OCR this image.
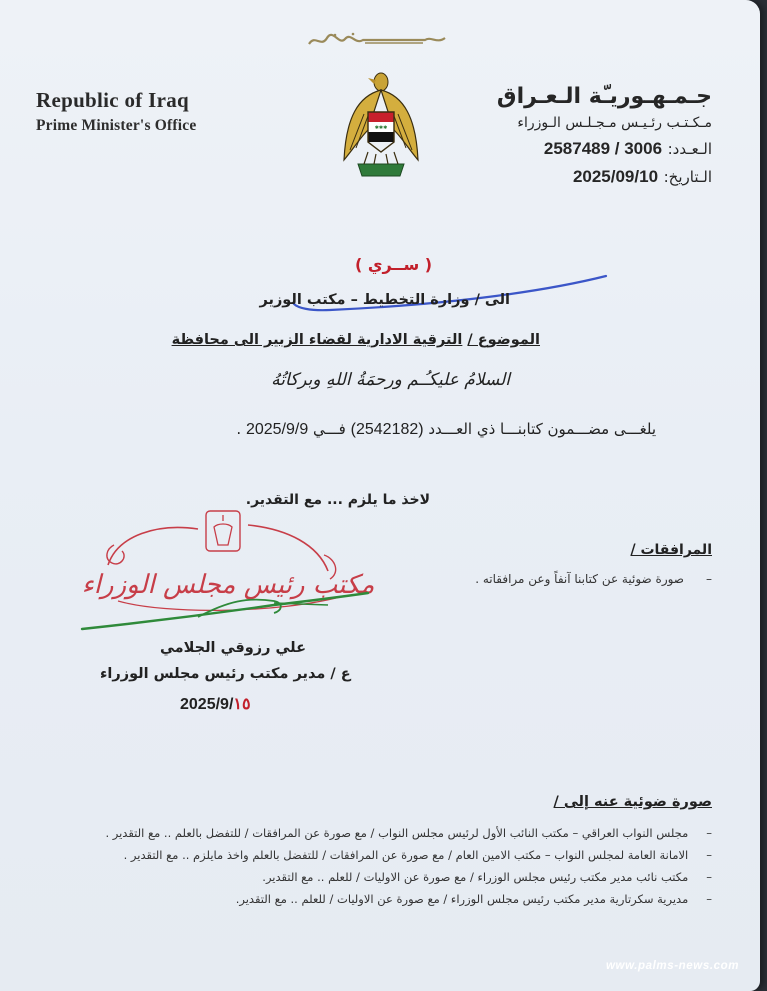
Republic of Iraq
Prime Minister's Office	✱✱✱
جـمـهـوريـّة الـعـراق
مـكـتـب رئـيـس مـجـلـس الـوزراء
الـعـدد: 2587489 / 3006
الـتاريخ: 2025/09/10
( ســري )
الى / وزارة التخطيط – مكتب الوزير
الموضوع / الترقية الادارية لقضاء الزبير الى محافظة
السلامُ عليكـُـم ورحمَةُ اللهِ وبركاتُهُ
يلغـــى مضـــمون كتابنـــا ذي العـــدد (2542182) فـــي 2025/9/9 .
لاخذ ما يلزم ... مع التقدير.
المرافقات /
–صورة ضوئية عن كتابنا آنفاً وعن مرافقاته .
مكتب رئيس مجلس الوزراء
علي رزوقي الجلامي
ع / مدير مكتب رئيس مجلس الوزراء
2025/9/١٥
صورة ضوئية عنه إلى /
–مجلس النواب العراقي – مكتب النائب الأول لرئيس مجلس النواب / مع صورة عن المرافقات / للتفضل بالعلم .. مع التقدير .
–الامانة العامة لمجلس النواب – مكتب الامين العام / مع صورة عن المرافقات / للتفضل بالعلم واخذ مايلزم .. مع التقدير .
–مكتب نائب مدير مكتب رئيس مجلس الوزراء / مع صورة عن الاوليات / للعلم .. مع التقدير.
–مديرية سكرتارية مدير مكتب رئيس مجلس الوزراء / مع صورة عن الاوليات / للعلم .. مع التقدير.
www.palms-news.com
